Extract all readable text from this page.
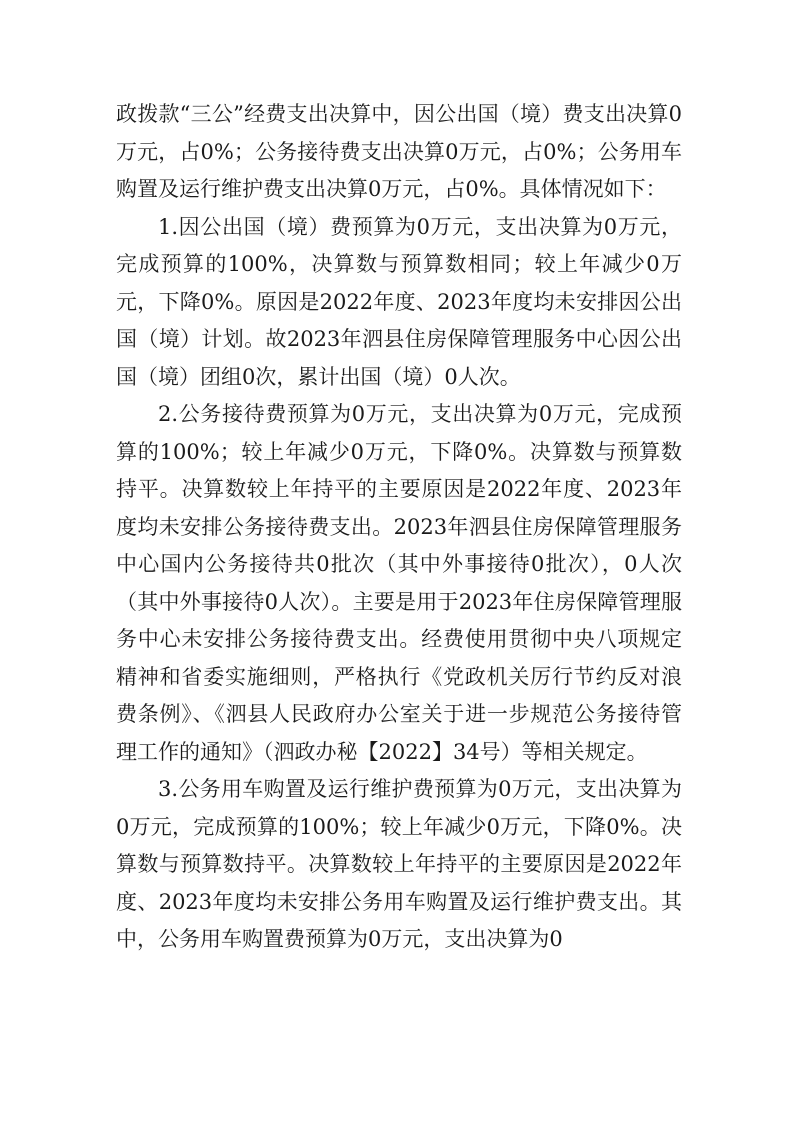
政拨款“三公”经费支出决算中，因公出国（境）费支出决算0万元，占0%；公务接待费支出决算0万元，占0%；公务用车购置及运行维护费支出决算0万元，占0%。具体情况如下：

1.因公出国（境）费预算为0万元，支出决算为0万元，完成预算的100%，决算数与预算数相同；较上年减少0万元，下降0%。原因是2022年度、2023年度均未安排因公出国（境）计划。故2023年泗县住房保障管理服务中心因公出国（境）团组0次，累计出国（境）0人次。

2.公务接待费预算为0万元，支出决算为0万元，完成预算的100%；较上年减少0万元，下降0%。决算数与预算数持平。决算数较上年持平的主要原因是2022年度、2023年度均未安排公务接待费支出。2023年泗县住房保障管理服务中心国内公务接待共0批次（其中外事接待0批次），0人次（其中外事接待0人次）。主要是用于2023年住房保障管理服务中心未安排公务接待费支出。经费使用贯彻中央八项规定精神和省委实施细则，严格执行《党政机关厉行节约反对浪费条例》、《泗县人民政府办公室关于进一步规范公务接待管理工作的通知》（泗政办秘【2022】34号）等相关规定。

3.公务用车购置及运行维护费预算为0万元，支出决算为0万元，完成预算的100%；较上年减少0万元，下降0%。决算数与预算数持平。决算数较上年持平的主要原因是2022年度、2023年度均未安排公务用车购置及运行维护费支出。其中，公务用车购置费预算为0万元，支出决算为0
